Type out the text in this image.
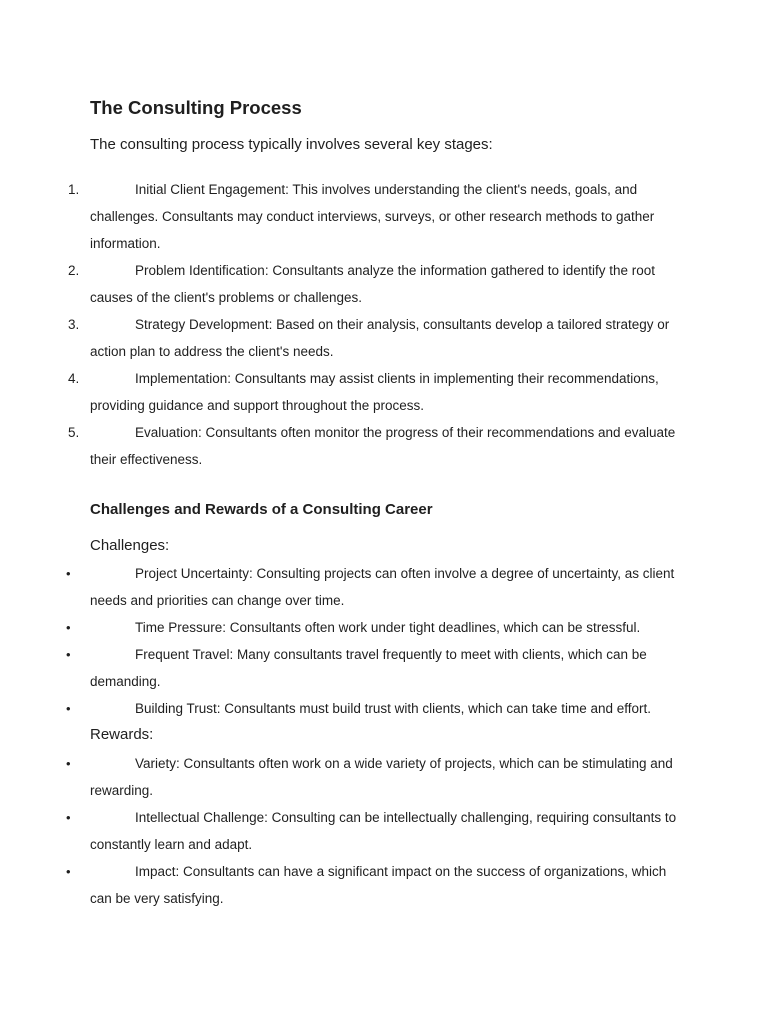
The Consulting Process

The consulting process typically involves several key stages:

1.	Initial Client Engagement: This involves understanding the client's needs, goals, and challenges. Consultants may conduct interviews, surveys, or other research methods to gather information.
2.	Problem Identification: Consultants analyze the information gathered to identify the root causes of the client's problems or challenges.
3.	Strategy Development: Based on their analysis, consultants develop a tailored strategy or action plan to address the client's needs.
4.	Implementation: Consultants may assist clients in implementing their recommendations, providing guidance and support throughout the process.
5.	Evaluation: Consultants often monitor the progress of their recommendations and evaluate their effectiveness.
Challenges and Rewards of a Consulting Career

Challenges:

•	Project Uncertainty: Consulting projects can often involve a degree of uncertainty, as client needs and priorities can change over time.
•	Time Pressure: Consultants often work under tight deadlines, which can be stressful.
•	Frequent Travel: Many consultants travel frequently to meet with clients, which can be demanding.
•	Building Trust: Consultants must build trust with clients, which can take time and effort.

Rewards:

•	Variety: Consultants often work on a wide variety of projects, which can be stimulating and rewarding.
•	Intellectual Challenge: Consulting can be intellectually challenging, requiring consultants to constantly learn and adapt.
•	Impact: Consultants can have a significant impact on the success of organizations, which can be very satisfying.
